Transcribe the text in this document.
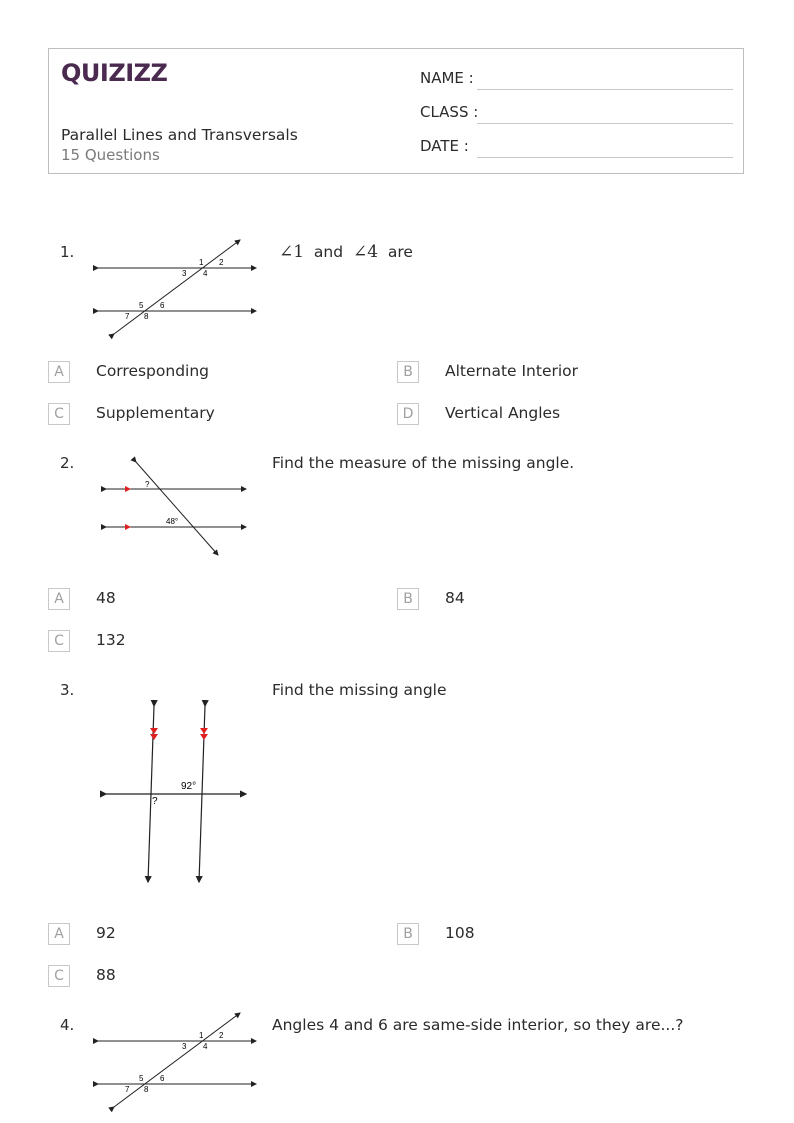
QUIZIZZ
Parallel Lines and Transversals
15 Questions
NAME :
CLASS :
DATE :
1.
1 2
3 4
5 6
7 8
∠1 and ∠4 are
A	Corresponding	B	Alternate Interior
C	Supplementary	D	Vertical Angles
2.
?
48°
Find the measure of the missing angle.
A	48	B	84
C	132
3.
92°
?
Find the missing angle
A	92	B	108
C	88
4.
1 2
3 4
5 6
7 8
Angles 4 and 6 are same-side interior, so they are...?
